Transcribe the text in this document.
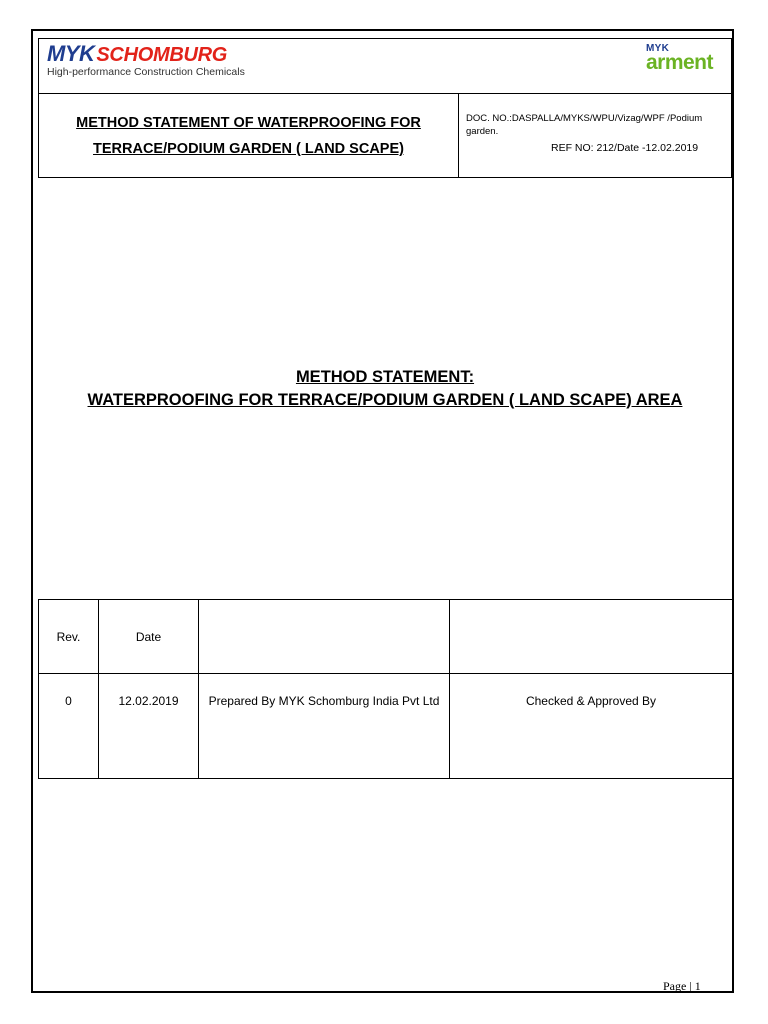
MYK SCHOMBURG
High-performance Construction Chemicals
MYK
arment
METHOD STATEMENT OF WATERPROOFING FOR
TERRACE/PODIUM GARDEN ( LAND SCAPE)
DOC. NO.:DASPALLA/MYKS/WPU/Vizag/WPF /Podium garden.
REF NO: 212/Date -12.02.2019
METHOD STATEMENT:
WATERPROOFING FOR TERRACE/PODIUM GARDEN ( LAND SCAPE) AREA
Rev.	Date		
0	12.02.2019	Prepared By MYK Schomburg India Pvt Ltd	Checked & Approved By
Page | 1
